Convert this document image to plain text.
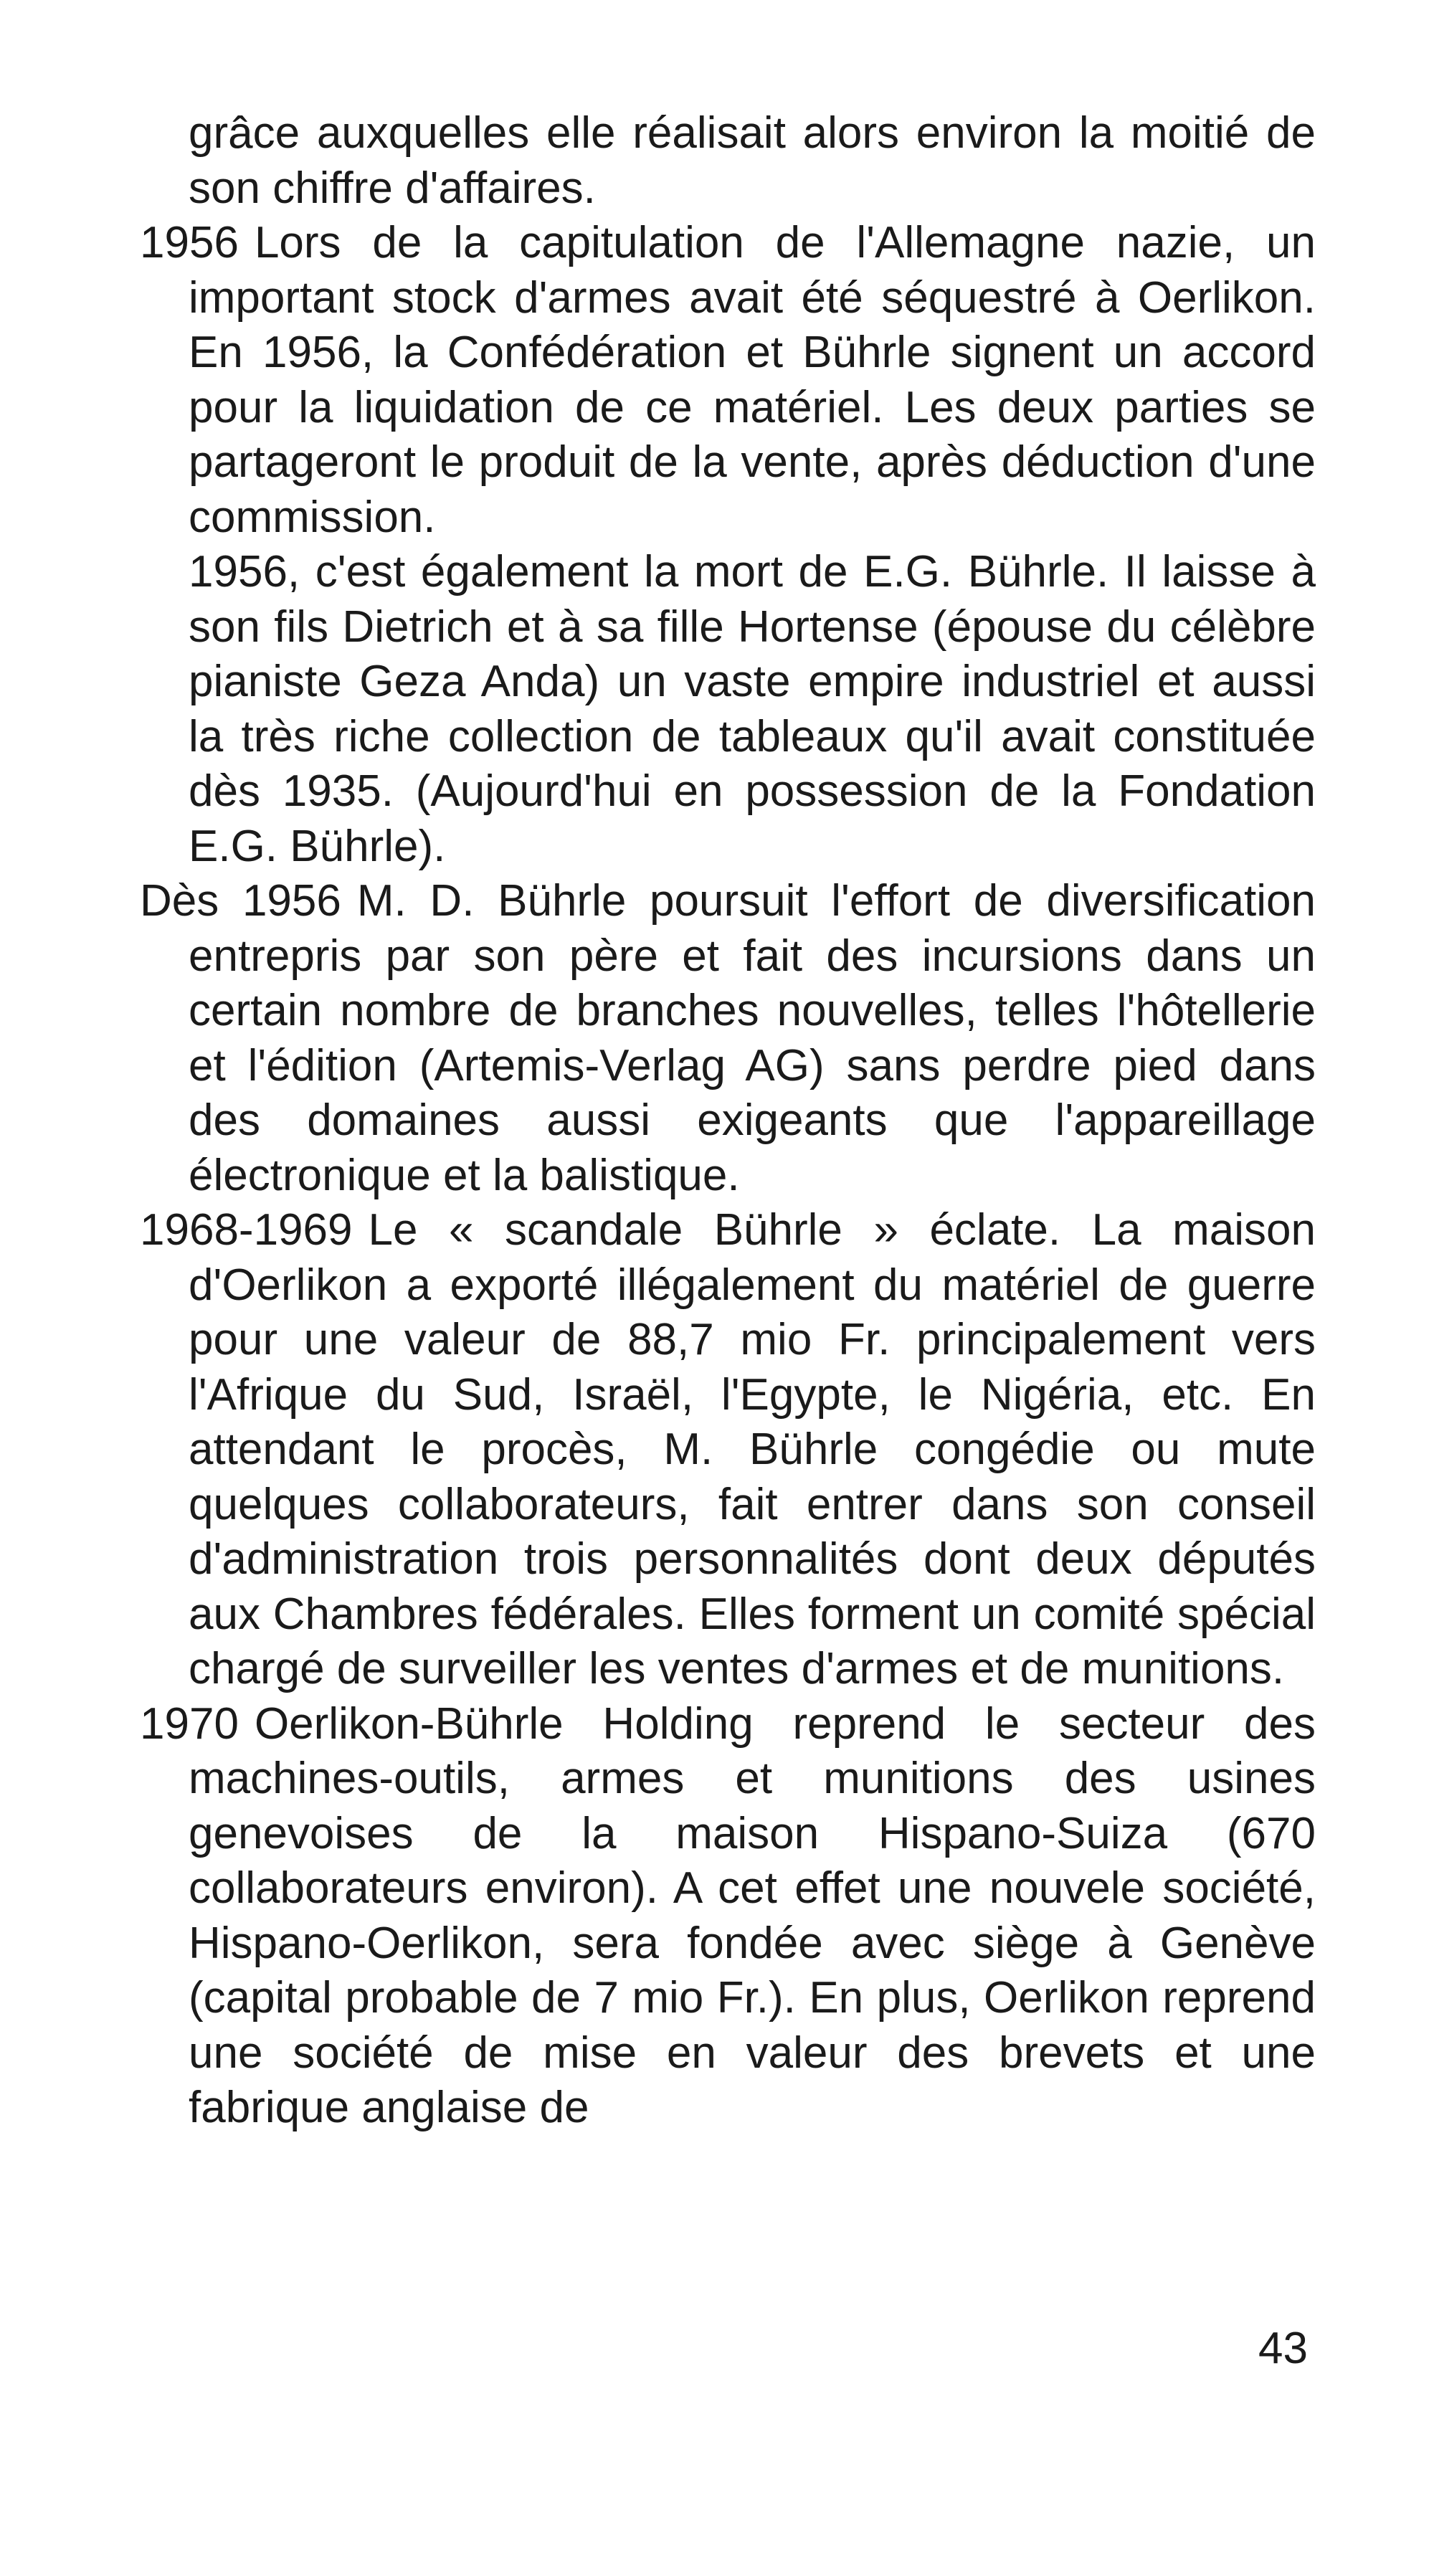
grâce auxquelles elle réalisait alors environ la moitié de son chiffre d'affaires.

1956 Lors de la capitulation de l'Allemagne nazie, un important stock d'armes avait été séquestré à Oerlikon. En 1956, la Confédération et Bührle signent un accord pour la liquidation de ce matériel. Les deux parties se partageront le produit de la vente, après déduction d'une commission.

1956, c'est également la mort de E.G. Bührle. Il laisse à son fils Dietrich et à sa fille Hortense (épouse du célèbre pianiste Geza Anda) un vaste empire industriel et aussi la très riche collection de tableaux qu'il avait constituée dès 1935. (Aujourd'hui en possession de la Fondation E.G. Bührle).

Dès 1956 M. D. Bührle poursuit l'effort de diversification entrepris par son père et fait des incursions dans un certain nombre de branches nouvelles, telles l'hôtellerie et l'édition (Artemis-Verlag AG) sans perdre pied dans des domaines aussi exigeants que l'appareillage électronique et la balistique.

1968-1969 Le « scandale Bührle » éclate. La maison d'Oerlikon a exporté illégalement du matériel de guerre pour une valeur de 88,7 mio Fr. principalement vers l'Afrique du Sud, Israël, l'Egypte, le Nigéria, etc. En attendant le procès, M. Bührle congédie ou mute quelques collaborateurs, fait entrer dans son conseil d'administration trois personnalités dont deux députés aux Chambres fédérales. Elles forment un comité spécial chargé de surveiller les ventes d'armes et de munitions.

1970 Oerlikon-Bührle Holding reprend le secteur des machines-outils, armes et munitions des usines genevoises de la maison Hispano-Suiza (670 collaborateurs environ). A cet effet une nouvele société, Hispano-Oerlikon, sera fondée avec siège à Genève (capital probable de 7 mio Fr.). En plus, Oerlikon reprend une société de mise en valeur des brevets et une fabrique anglaise de

43
